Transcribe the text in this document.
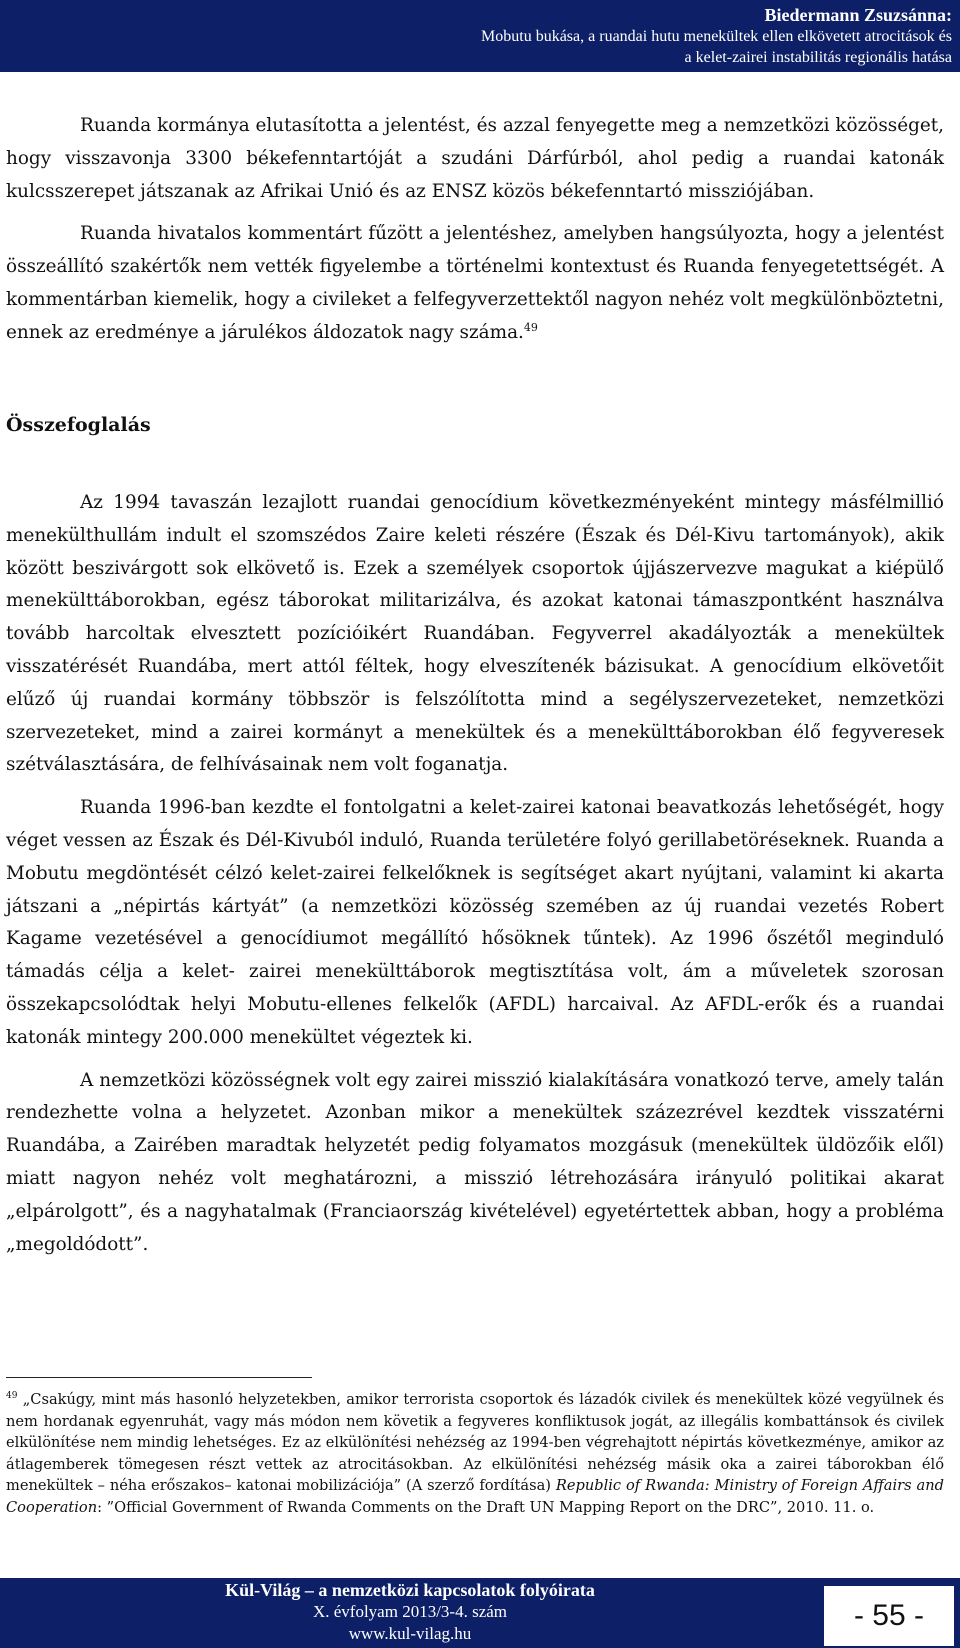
Biedermann Zsuzsánna:
Mobutu bukása, a ruandai hutu menekültek ellen elkövetett atrocitások és
a kelet-zairei instabilitás regionális hatása

Ruanda kormánya elutasította a jelentést, és azzal fenyegette meg a nemzetközi közösséget, hogy visszavonja 3300 békefenntartóját a szudáni Dárfúrból, ahol pedig a ruandai katonák kulcsszerepet játszanak az Afrikai Unió és az ENSZ közös békefenntartó missziójában.

Ruanda hivatalos kommentárt fűzött a jelentéshez, amelyben hangsúlyozta, hogy a jelentést összeállító szakértők nem vették figyelembe a történelmi kontextust és Ruanda fenyegetettségét. A kommentárban kiemelik, hogy a civileket a felfegyverzettektől nagyon nehéz volt megkülönböztetni, ennek az eredménye a járulékos áldozatok nagy száma.$^{49}$

Összefoglalás

Az 1994 tavaszán lezajlott ruandai genocídium következményeként mintegy másfélmillió menekülthullám indult el szomszédos Zaire keleti részére (Észak és Dél-Kivu tartományok), akik között beszivárgott sok elkövető is. Ezek a személyek csoportok újjászervezve magukat a kiépülő menekülttáborokban, egész táborokat militarizálva, és azokat katonai támaszpontként használva tovább harcoltak elvesztett pozícióikért Ruandában. Fegyverrel akadályozták a menekültek visszatérését Ruandába, mert attól féltek, hogy elveszítenék bázisukat. A genocídium elkövetőit elűző új ruandai kormány többször is felszólította mind a segélyszervezeteket, nemzetközi szervezeteket, mind a zairei kormányt a menekültek és a menekülttáborokban élő fegyveresek szétválasztására, de felhívásainak nem volt foganatja.

Ruanda 1996-ban kezdte el fontolgatni a kelet-zairei katonai beavatkozás lehetőségét, hogy véget vessen az Észak és Dél-Kivuból induló, Ruanda területére folyó gerillabetöréseknek. Ruanda a Mobutu megdöntését célzó kelet-zairei felkelőknek is segítséget akart nyújtani, valamint ki akarta játszani a „népirtás kártyát” (a nemzetközi közösség szemében az új ruandai vezetés Robert Kagame vezetésével a genocídiumot megállító hősöknek tűntek). Az 1996 őszétől meginduló támadás célja a kelet- zairei menekülttáborok megtisztítása volt, ám a műveletek szorosan összekapcsolódtak helyi Mobutu-ellenes felkelők (AFDL) harcaival. Az AFDL-erők és a ruandai katonák mintegy 200.000 menekültet végeztek ki.

A nemzetközi közösségnek volt egy zairei misszió kialakítására vonatkozó terve, amely talán rendezhette volna a helyzetet. Azonban mikor a menekültek százezrével kezdtek visszatérni Ruandába, a Zairében maradtak helyzetét pedig folyamatos mozgásuk (menekültek üldözőik elől) miatt nagyon nehéz volt meghatározni, a misszió létrehozására irányuló politikai akarat „elpárolgott”, és a nagyhatalmak (Franciaország kivételével) egyetértettek abban, hogy a probléma „megoldódott”.

$^{49}$ „Csakúgy, mint más hasonló helyzetekben, amikor terrorista csoportok és lázadók civilek és menekültek közé vegyülnek és nem hordanak egyenruhát, vagy más módon nem követik a fegyveres konfliktusok jogát, az illegális kombattánsok és civilek elkülönítése nem mindig lehetséges. Ez az elkülönítési nehézség az 1994-ben végrehajtott népirtás következménye, amikor az átlagemberek tömegesen részt vettek az atrocitásokban. Az elkülönítési nehézség másik oka a zairei táborokban élő menekültek – néha erőszakos– katonai mobilizációja” (A szerző fordítása) Republic of Rwanda: Ministry of Foreign Affairs and Cooperation: ”Official Government of Rwanda Comments on the Draft UN Mapping Report on the DRC”, 2010. 11. o.
Kül-Világ – a nemzetközi kapcsolatok folyóirata
X. évfolyam 2013/3-4. szám
www.kul-vilag.hu
- 55 -
